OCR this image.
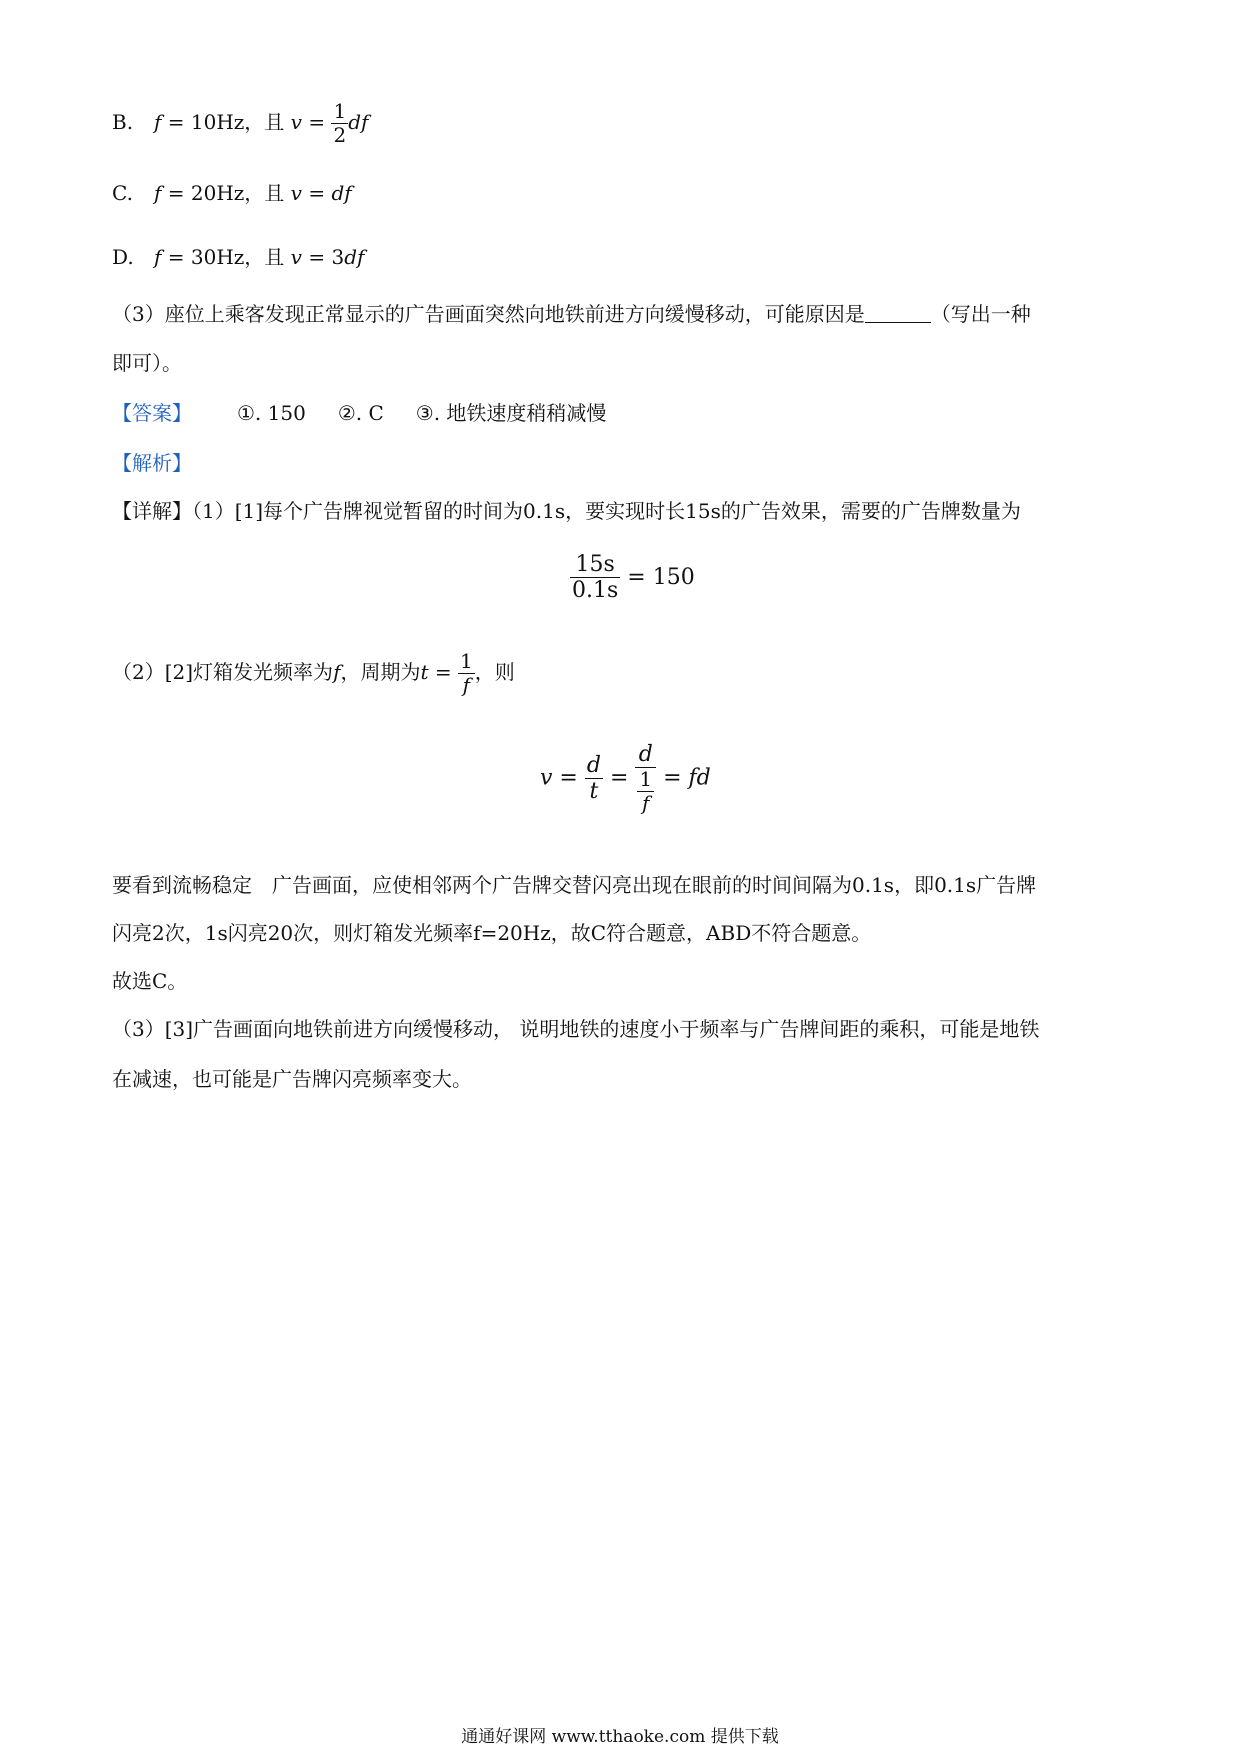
B. f = 10Hz，且 $v = \frac{1}{2}$ df
C. f = 20Hz，且 v = df
D. f = 30Hz，且 v = 3df
（3）座位上乘客发现正常显示的广告画面突然向地铁前进方向缓慢移动，可能原因是	（写出一种
即可）。
【答案】 ①. 150 ②. C ③. 地铁速度稍稍减慢
【解析】
【详解】（1）[1]每个广告牌视觉暂留的时间为0.1s，要实现时长15s的广告效果，需要的广告牌数量为
$\frac{15s}{0.1s} = 150$
（2）[2]灯箱发光频率为f，周期为$t = \frac{1}{f}$ ，则
$v = \frac{d}{t} = \frac{d}{\frac{1}{f}}$ = fd
要看到流畅稳定　广告画面，应使相邻两个广告牌交替闪亮出现在眼前的时间间隔为0.1s，即0.1s广告牌
闪亮2次，1s闪亮20次，则灯箱发光频率f=20Hz，故C符合题意，ABD不符合题意。
故选C。
（3）[3]广告画面向地铁前进方向缓慢移动， 说明地铁的速度小于频率与广告牌间距的乘积，可能是地铁
在减速，也可能是广告牌闪亮频率变大。
通通好课网 www.tthaoke.com 提供下载
